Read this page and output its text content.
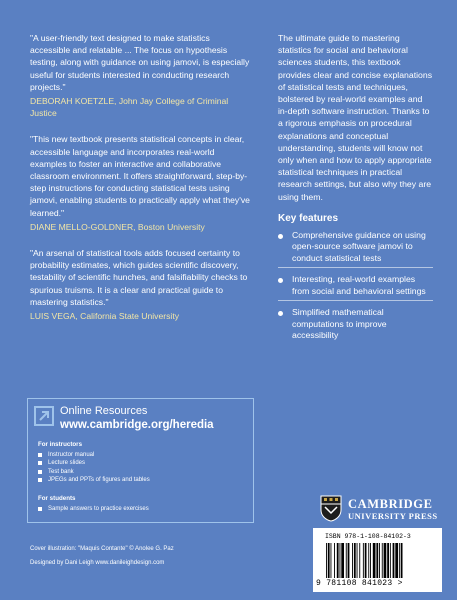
"A user-friendly text designed to make statistics accessible and relatable ... The focus on hypothesis testing, along with guidance on using jamovi, is especially useful for students interested in conducting research projects."

DEBORAH KOETZLE, John Jay College of Criminal Justice

"This new textbook presents statistical concepts in clear, accessible language and incorporates real-world examples to foster an interactive and collaborative classroom environment. It offers straightforward, step-by-step instructions for conducting statistical tests using jamovi, enabling students to practically apply what they've learned."

DIANE MELLO-GOLDNER, Boston University

"An arsenal of statistical tools adds focused certainty to probability estimates, which guides scientific discovery, testability of scientific hunches, and falsifiability checks to spurious truisms. It is a clear and practical guide to mastering statistics."

LUIS VEGA, California State University

The ultimate guide to mastering statistics for social and behavioral sciences students, this textbook provides clear and concise explanations of statistical tests and techniques, bolstered by real-world examples and in-depth software instruction. Thanks to a rigorous emphasis on procedural explanations and conceptual understanding, students will know not only when and how to apply appropriate statistical techniques in practical research settings, but also why they are using them.

Key features
Comprehensive guidance on using open-source software jamovi to conduct statistical tests
Interesting, real-world examples from social and behavioral settings
Simplified mathematical computations to improve accessibility

Online Resources

www.cambridge.org/heredia

For instructors

Instructor manual
Lecture slides
Test bank
JPEGs and PPTs of figures and tables

For students

Sample answers to practice exercises

Cover illustration: "Maquis Contante" © Anolee G. Paz

Designed by Dani Leigh www.danileighdesign.com

CAMBRIDGE
UNIVERSITY PRESS
ISBN 978-1-108-84102-3
9 781108 841023 >
